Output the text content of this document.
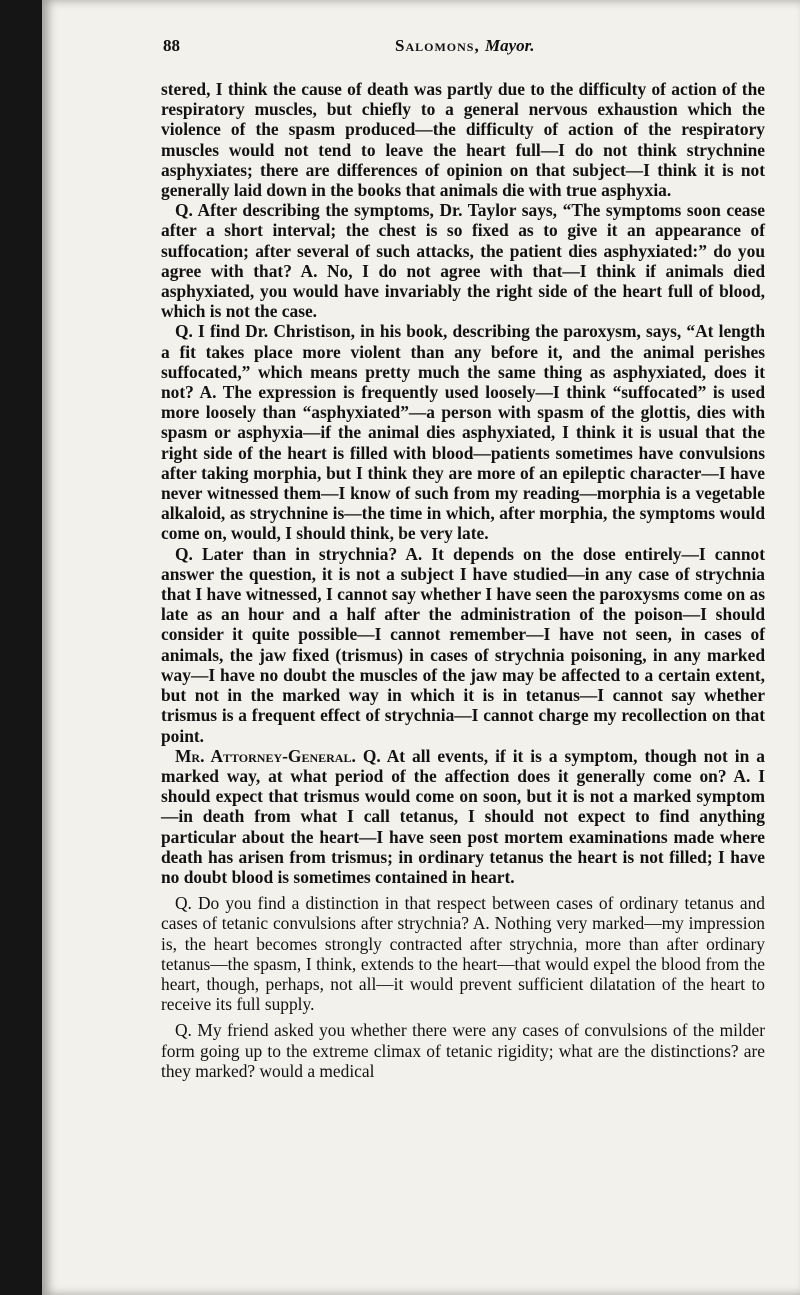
88	Salomons, Mayor.

stered, I think the cause of death was partly due to the difficulty of action of the respiratory muscles, but chiefly to a general nervous exhaustion which the violence of the spasm produced—the difficulty of action of the respiratory muscles would not tend to leave the heart full—I do not think strychnine asphyxiates; there are differences of opinion on that subject—I think it is not generally laid down in the books that animals die with true asphyxia.

Q. After describing the symptoms, Dr. Taylor says, “The symptoms soon cease after a short interval; the chest is so fixed as to give it an appearance of suffocation; after several of such attacks, the patient dies asphyxiated:” do you agree with that? A. No, I do not agree with that—I think if animals died asphyxiated, you would have invariably the right side of the heart full of blood, which is not the case.

Q. I find Dr. Christison, in his book, describing the paroxysm, says, “At length a fit takes place more violent than any before it, and the animal perishes suffocated,” which means pretty much the same thing as asphyxiated, does it not? A. The expression is frequently used loosely—I think “suffocated” is used more loosely than “asphyxiated”—a person with spasm of the glottis, dies with spasm or asphyxia—if the animal dies asphyxiated, I think it is usual that the right side of the heart is filled with blood—patients sometimes have convulsions after taking morphia, but I think they are more of an epileptic character—I have never witnessed them—I know of such from my reading—morphia is a vegetable alkaloid, as strychnine is—the time in which, after morphia, the symptoms would come on, would, I should think, be very late.

Q. Later than in strychnia? A. It depends on the dose entirely—I cannot answer the question, it is not a subject I have studied—in any case of strychnia that I have witnessed, I cannot say whether I have seen the paroxysms come on as late as an hour and a half after the administration of the poison—I should consider it quite possible—I cannot remember—I have not seen, in cases of animals, the jaw fixed (trismus) in cases of strychnia poisoning, in any marked way—I have no doubt the muscles of the jaw may be affected to a certain extent, but not in the marked way in which it is in tetanus—I cannot say whether trismus is a frequent effect of strychnia—I cannot charge my recollection on that point.

Mr. Attorney-General. Q. At all events, if it is a symptom, though not in a marked way, at what period of the affection does it generally come on? A. I should expect that trismus would come on soon, but it is not a marked symptom—in death from what I call tetanus, I should not expect to find anything particular about the heart—I have seen post mortem examinations made where death has arisen from trismus; in ordinary tetanus the heart is not filled; I have no doubt blood is sometimes contained in heart.

Q. Do you find a distinction in that respect between cases of ordinary tetanus and cases of tetanic convulsions after strychnia? A. Nothing very marked—my impression is, the heart becomes strongly contracted after strychnia, more than after ordinary tetanus—the spasm, I think, extends to the heart—that would expel the blood from the heart, though, perhaps, not all—it would prevent sufficient dilatation of the heart to receive its full supply.

Q. My friend asked you whether there were any cases of convulsions of the milder form going up to the extreme climax of tetanic rigidity; what are the distinctions? are they marked? would a medical
